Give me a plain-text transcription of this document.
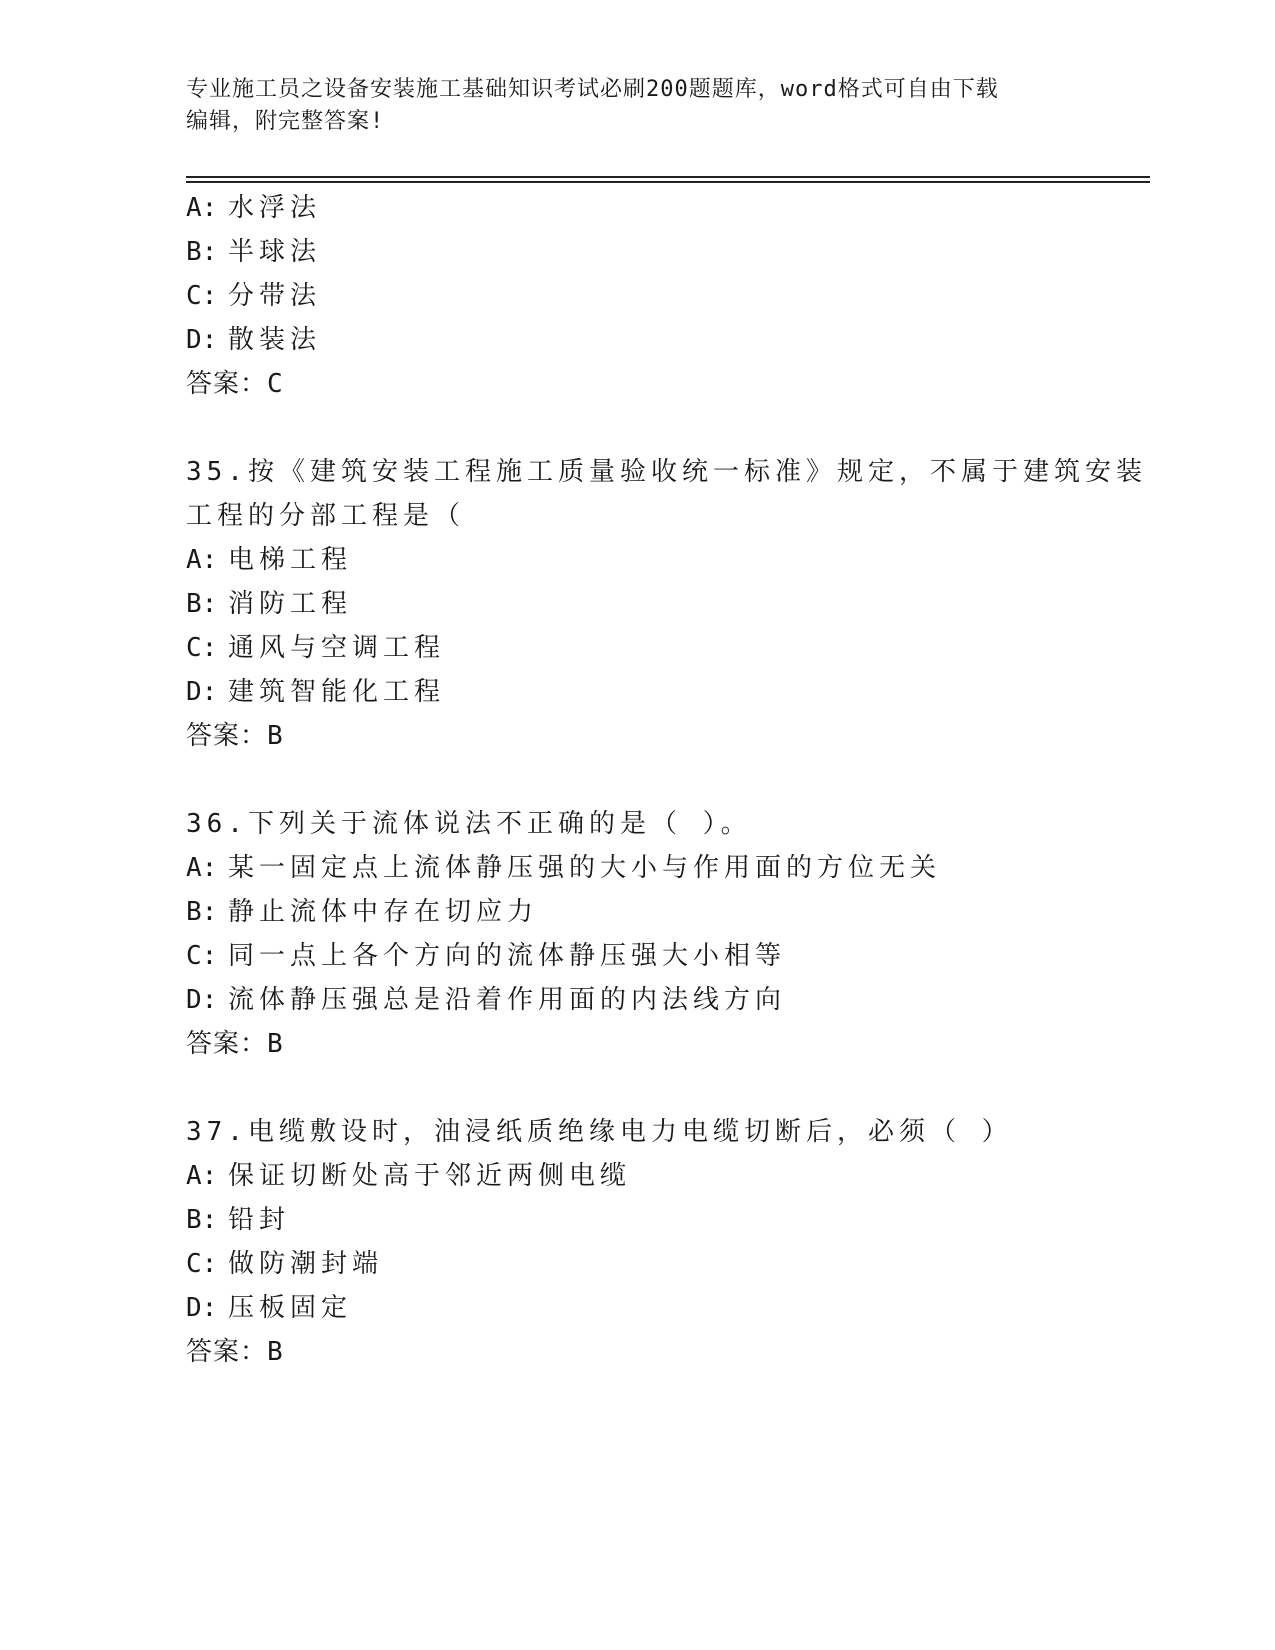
专业施工员之设备安装施工基础知识考试必刷200题题库，word格式可自由下载
编辑，附完整答案!
A: 水浮法
B: 半球法
C: 分带法
D: 散装法
答案：C
35.按《建筑安装工程施工质量验收统一标准》规定，不属于建筑安装
工程的分部工程是（
A: 电梯工程
B: 消防工程
C: 通风与空调工程
D: 建筑智能化工程
答案：B
36.下列关于流体说法不正确的是（ ）。
A: 某一固定点上流体静压强的大小与作用面的方位无关
B: 静止流体中存在切应力
C: 同一点上各个方向的流体静压强大小相等
D: 流体静压强总是沿着作用面的内法线方向
答案：B
37.电缆敷设时，油浸纸质绝缘电力电缆切断后，必须（ ）
A: 保证切断处高于邻近两侧电缆
B: 铅封
C: 做防潮封端
D: 压板固定
答案：B
